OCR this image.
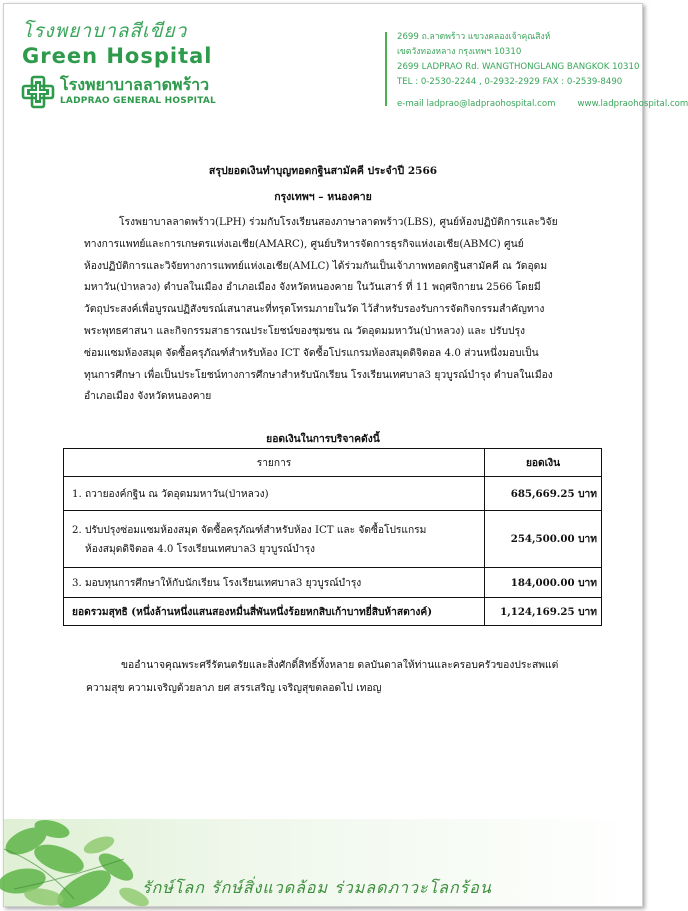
โรงพยาบาลสีเขียว
Green Hospital
โรงพยาบาลลาดพร้าว
LADPRAO GENERAL HOSPITAL
2699 ถ.ลาดพร้าว แขวงคลองเจ้าคุณสิงห์
เขตวังทองหลาง กรุงเทพฯ 10310
2699 LADPRAO Rd. WANGTHONGLANG BANGKOK 10310
TEL : 0-2530-2244 , 0-2932-2929 FAX : 0-2539-8490
e-mail ladprao@ladpraohospital.com	www.ladpraohospital.com
สรุปยอดเงินทำบุญทอดกฐินสามัคคี ประจำปี 2566
กรุงเทพฯ – หนองคาย
โรงพยาบาลลาดพร้าว(LPH) ร่วมกับโรงเรียนสองภาษาลาดพร้าว(LBS), ศูนย์ห้องปฏิบัติการและวิจัย
ทางการแพทย์และการเกษตรแห่งเอเชีย(AMARC), ศูนย์บริหารจัดการธุรกิจแห่งเอเชีย(ABMC) ศูนย์
ห้องปฏิบัติการและวิจัยทางการแพทย์แห่งเอเชีย(AMLC) ได้ร่วมกันเป็นเจ้าภาพทอดกฐินสามัคคี ณ วัดอุดม
มหาวัน(ป่าหลวง) ตำบลในเมือง อำเภอเมือง จังหวัดหนองคาย ในวันเสาร์ ที่ 11 พฤศจิกายน 2566 โดยมี
วัตถุประสงค์เพื่อบูรณปฏิสังขรณ์เสนาสนะที่ทรุดโทรมภายในวัด ไว้สำหรับรองรับการจัดกิจกรรมสำคัญทาง
พระพุทธศาสนา และกิจกรรมสาธารณประโยชน์ของชุมชน ณ วัดอุดมมหาวัน(ป่าหลวง) และ ปรับปรุง
ซ่อมแซมห้องสมุด จัดซื้อครุภัณฑ์สำหรับห้อง ICT จัดซื้อโปรแกรมห้องสมุดดิจิตอล 4.0 ส่วนหนึ่งมอบเป็น
ทุนการศึกษา เพื่อเป็นประโยชน์ทางการศึกษาสำหรับนักเรียน โรงเรียนเทศบาล3 ยุวบูรณ์บำรุง ตำบลในเมือง
อำเภอเมือง จังหวัดหนองคาย
ยอดเงินในการบริจาคดังนี้
รายการ	ยอดเงิน
1. ถวายองค์กฐิน ณ วัดอุดมมหาวัน(ป่าหลวง)	685,669.25 บาท
2. ปรับปรุงซ่อมแซมห้องสมุด จัดซื้อครุภัณฑ์สำหรับห้อง ICT และ จัดซื้อโปรแกรม
ห้องสมุดดิจิตอล 4.0 โรงเรียนเทศบาล3 ยุวบูรณ์บำรุง	254,500.00 บาท
3. มอบทุนการศึกษาให้กับนักเรียน โรงเรียนเทศบาล3 ยุวบูรณ์บำรุง	184,000.00 บาท
ยอดรวมสุทธิ (หนึ่งล้านหนึ่งแสนสองหมื่นสี่พันหนึ่งร้อยหกสิบเก้าบาทยี่สิบห้าสตางค์)	1,124,169.25 บาท
ขออำนาจคุณพระศรีรัตนตรัยและสิ่งศักดิ์สิทธิ์ทั้งหลาย ดลบันดาลให้ท่านและครอบครัวของประสพแต่
ความสุข ความเจริญด้วยลาภ ยศ สรรเสริญ เจริญสุขตลอดไป เทอญ
รักษ์โลก รักษ์สิ่งแวดล้อม ร่วมลดภาวะโลกร้อน
